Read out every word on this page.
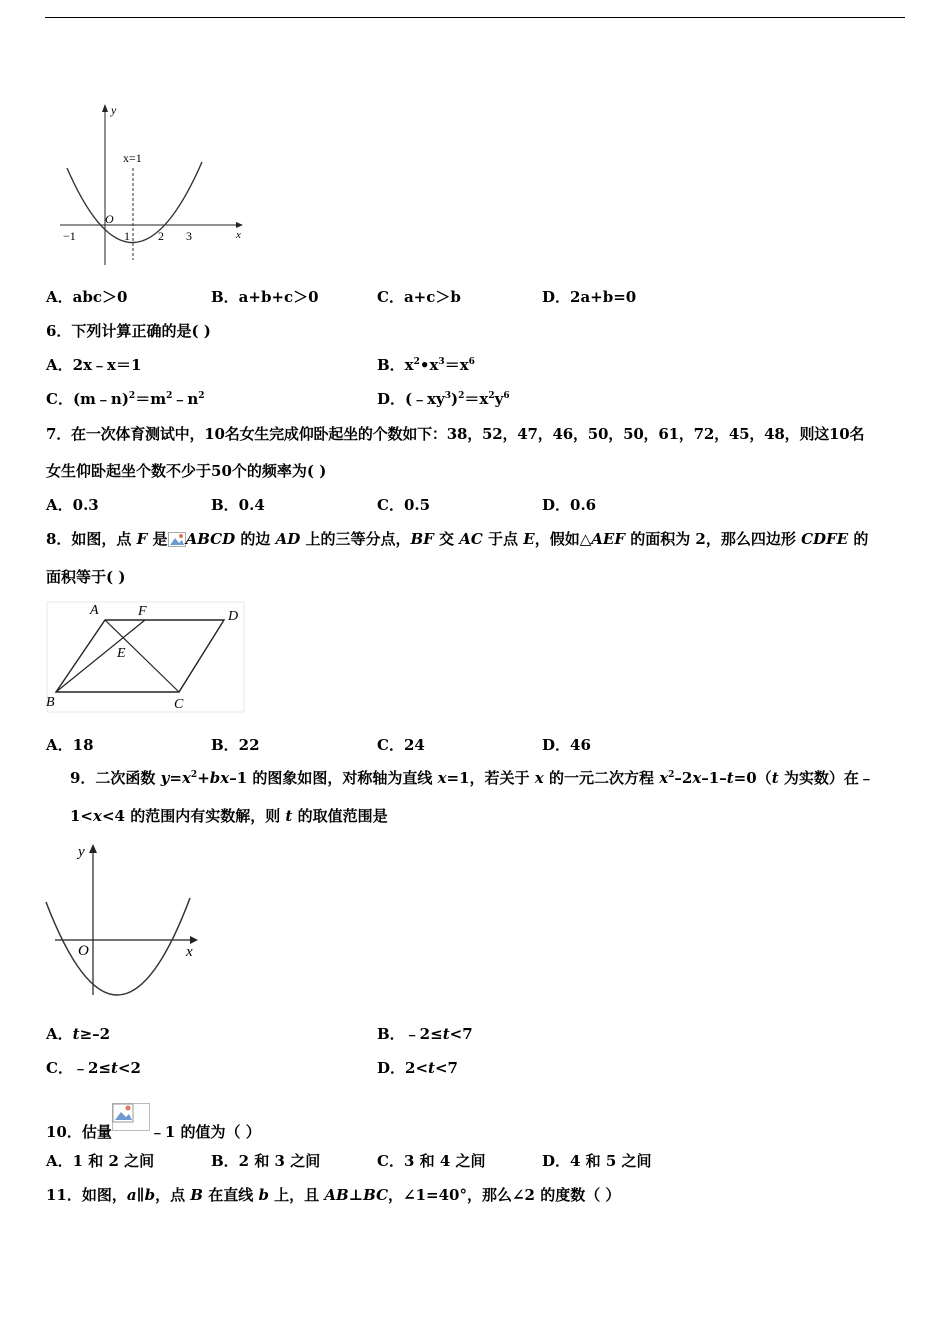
y
x=1
O
x
−1	1 2 3
A．abc＞0	B．a+b+c＞0	C．a+c＞b	D．2a+b=0
6．下列计算正确的是( )
A．2x﹣x＝1	B．$x^2•x^3=x^6$
C．$(m﹣n)^2=m^2﹣n^2$	D．$(﹣xy^3)^2=x^2y^6$
7．在一次体育测试中，10名女生完成仰卧起坐的个数如下：38，52，47，46，50，50，61，72，45，48，则这10名
女生仰卧起坐个数不少于50个的频率为( )
A．0.3	B．0.4	C．0.5	D．0.6
8．如图，点 F 是 ABCD 的边 AD 上的三等分点，BF 交 AC 于点 E，假如△AEF 的面积为 2，那么四边形 CDFE 的
面积等于( )
A	F	D
E
B	C
A．18	B．22	C．24	D．46
9．二次函数 $y=x^2+bx-1$ 的图象如图，对称轴为直线 x=1，若关于 x 的一元二次方程 $x^2-2x-1-t=0(t$ 为实数）在﹣
1<x<4 的范围内有实数解，则 t 的取值范围是
y
O	x
A．t≥–2	B．﹣2≤t<7
C．﹣2≤t<2	D．2<t<7
10．估量	﹣1 的值为（ ）
A．1 和 2 之间	B．2 和 3 之间	C．3 和 4 之间	D．4 和 5 之间
11．如图，a∥b，点 B 在直线 b 上，且 AB⊥BC，∠1=40°，那么∠2 的度数（ ）
